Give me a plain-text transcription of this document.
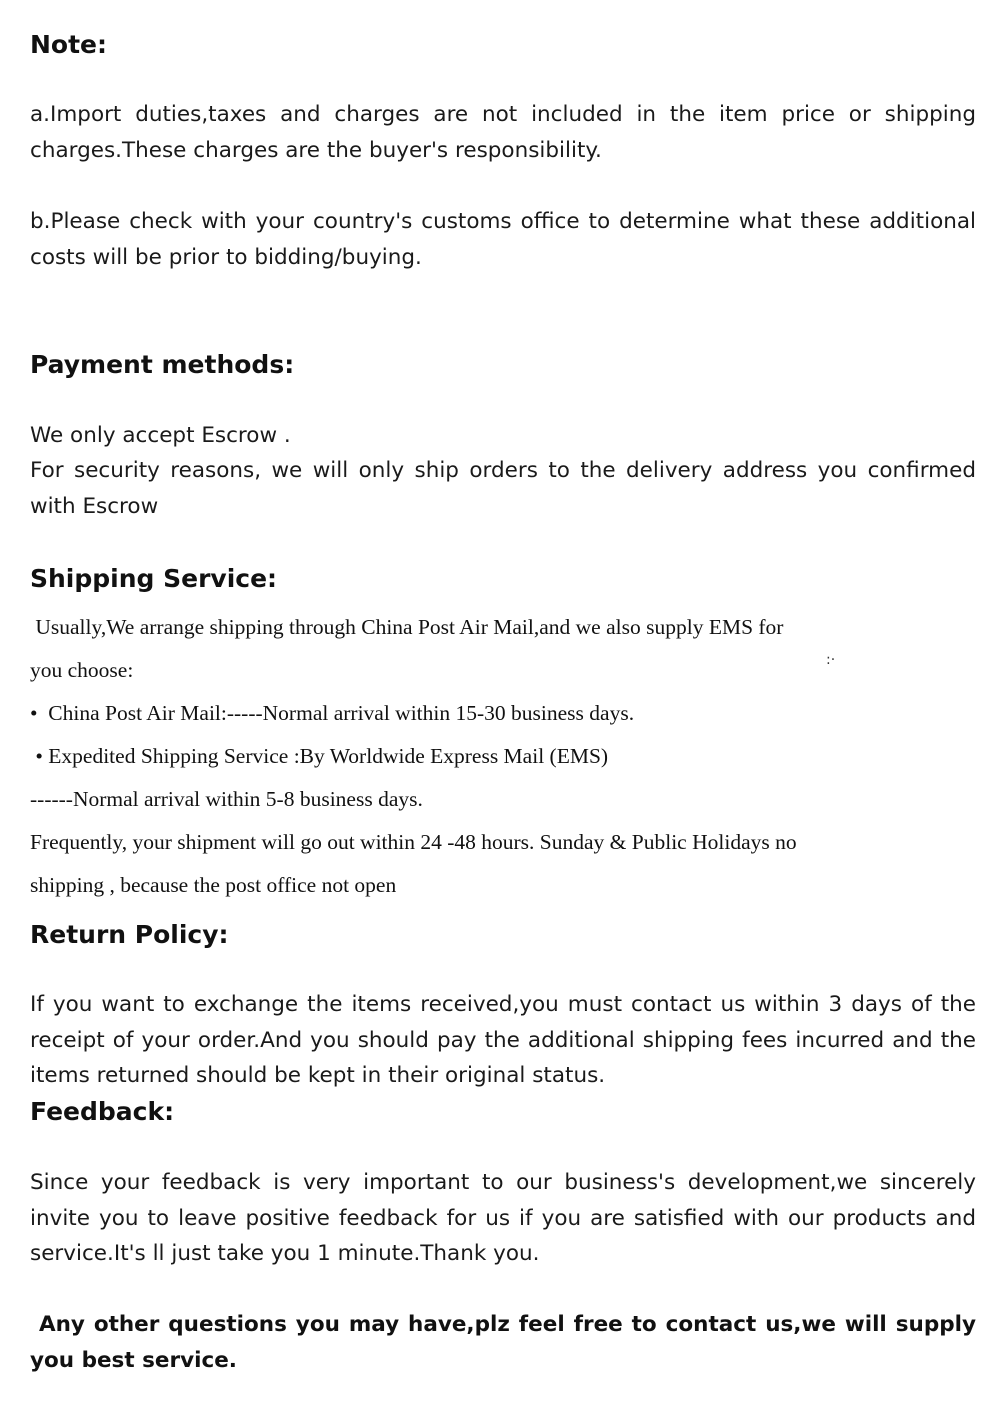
Note:

a.Import duties,taxes and charges are not included in the item price or shipping charges.These charges are the buyer's responsibility.

b.Please check with your country's customs office to determine what these additional costs will be prior to bidding/buying.

Payment methods:

We only accept Escrow .

For security reasons, we will only ship orders to the delivery address you confirmed with Escrow

Shipping Service:

Usually,We arrange shipping through China Post Air Mail,and we also supply EMS for

you choose:

•  China Post Air Mail:-----Normal arrival within 15-30 business days.

• Expedited Shipping Service :By Worldwide Express Mail (EMS)

------Normal arrival within 5-8 business days.

Frequently, your shipment will go out within 24 -48 hours. Sunday & Public Holidays no

shipping , because the post office not open

:·
Return Policy:

If you want to exchange the items received,you must contact us within 3 days of the receipt of your order.And you should pay the additional shipping fees incurred and the items returned should be kept in their original status.

Feedback:

Since your feedback is very important to our business's development,we sincerely invite you to leave positive feedback for us if you are satisfied with our products and service.It's ll just take you 1 minute.Thank you.

Any other questions you may have,plz feel free to contact us,we will supply you best service.
